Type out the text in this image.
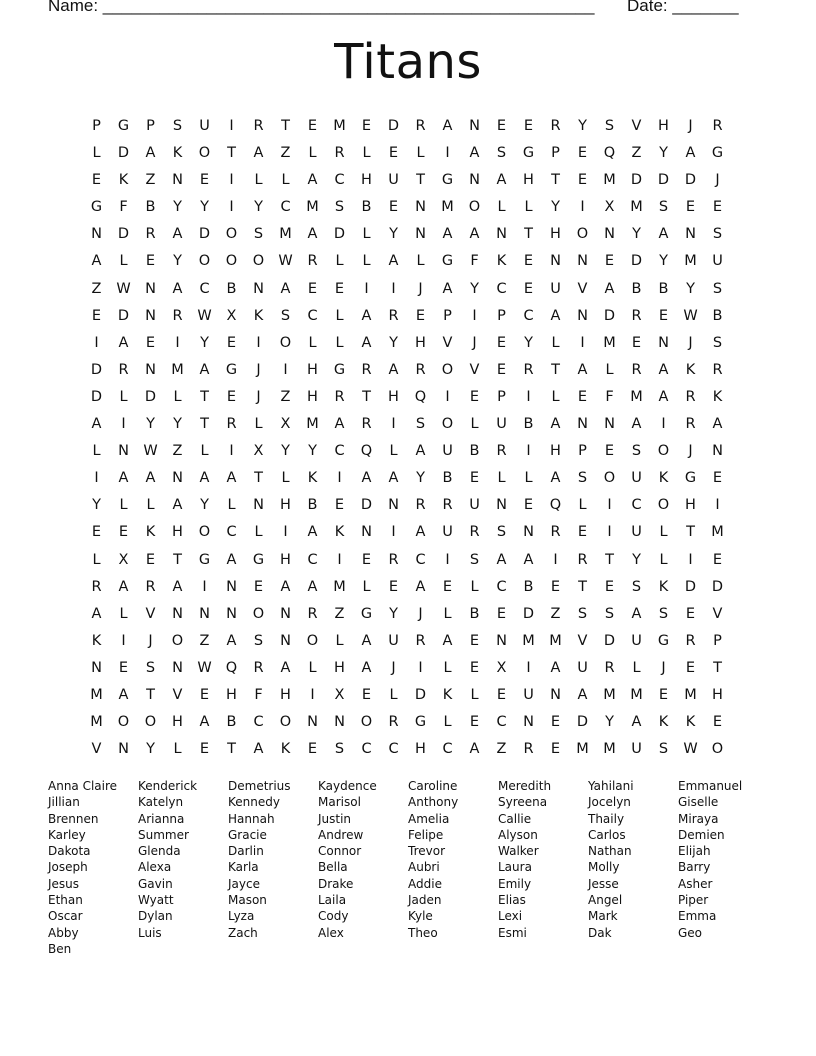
Name: ____________________________________________________ Date: _______
Titans
P	G	P	S	U	I	R	T	E	M	E	D	R	A	N	E	E	R	Y	S	V	H	J	R
L	D	A	K	O	T	A	Z	L	R	L	E	L	I	A	S	G	P	E	Q	Z	Y	A	G
E	K	Z	N	E	I	L	L	A	C	H	U	T	G	N	A	H	T	E	M	D	D	D	J
G	F	B	Y	Y	I	Y	C	M	S	B	E	N	M	O	L	L	Y	I	X	M	S	E	E
N	D	R	A	D	O	S	M	A	D	L	Y	N	A	A	N	T	H	O	N	Y	A	N	S
A	L	E	Y	O	O	O W	R	L	L	A	L	G	F	K	E	N	N	E	D	Y	M	U
Z	W N	A	C	B	N	A	E	E	I	I	J	A	Y	C	E	U	V	A	B	B	Y	S
E	D	N	R	W	X	K	S	C	L	A	R	E	P	I	P	C	A	N	D	R	E	W	B
I	A	E	I	Y	E	I	O	L	L	A	Y	H	V	J	E	Y	L	I	M	E	N	J	S
D	R	N	M	A	G	J	I	H	G	R	A	R	O	V	E	R	T	A	L	R	A	K	R
D	L	D	L	T	E	J	Z	H	R	T	H	Q	I	E	P	I	L	E	F	M	A	R	K
A	I	Y	Y	T	R	L	X	M	A	R	I	S	O	L	U	B	A	N	N	A	I	R	A
L	N W	Z	L	I	X	Y	Y	C	Q	L	A	U	B	R	I	H	P	E	S	O	J	N
I	A	A	N	A	A	T	L	K	I	A	A	Y	B	E	L	L	A	S	O	U	K	G	E
Y	L	L	A	Y	L	N	H	B	E	D	N	R	R	U	N	E	Q	L	I	C	O	H	I
E	E	K	H	O	C	L	I	A	K	N	I	A	U	R	S	N	R	E	I	U	L	T	M
L	X	E	T	G	A	G	H	C	I	E	R	C	I	S	A	A	I	R	T	Y	L	I	E
R	A	R	A	I	N	E	A	A	M	L	E	A	E	L	C	B	E	T	E	S	K	D	D
A	L	V	N	N	N	O	N	R	Z	G	Y	J	L	B	E	D	Z	S	S	A	S	E	V
K	I	J	O	Z	A	S	N	O	L	A	U	R	A	E	N	M M	V	D	U	G	R	P
N	E	S	N W Q	R	A	L	H	A	J	I	L	E	X	I	A	U	R	L	J	E	T
M	A	T	V	E	H	F	H	I	X	E	L	D	K	L	E	U	N	A	M M	E	M	H
M	O	O	H	A	B	C	O	N	N	O	R	G	L	E	C	N	E	D	Y	A	K	K	E
V	N	Y	L	E	T	A	K	E	S	C	C	H	C	A	Z	R	E	M M	U	S	W O
Anna Claire	Kenderick	Demetrius	Kaydence	Caroline	Meredith	Yahilani	Emmanuel
Jillian	Katelyn	Kennedy	Marisol	Anthony	Syreena	Jocelyn	Giselle
Brennen	Arianna	Hannah	Justin	Amelia	Callie	Thaily	Miraya
Karley	Summer	Gracie	Andrew	Felipe	Alyson	Carlos	Demien
Dakota	Glenda	Darlin	Connor	Trevor	Walker	Nathan	Elijah
Joseph	Alexa	Karla	Bella	Aubri	Laura	Molly	Barry
Jesus	Gavin	Jayce	Drake	Addie	Emily	Jesse	Asher
Ethan	Wyatt	Mason	Laila	Jaden	Elias	Angel	Piper
Oscar	Dylan	Lyza	Cody	Kyle	Lexi	Mark	Emma
Abby	Luis	Zach	Alex	Theo	Esmi	Dak	Geo
Ben
